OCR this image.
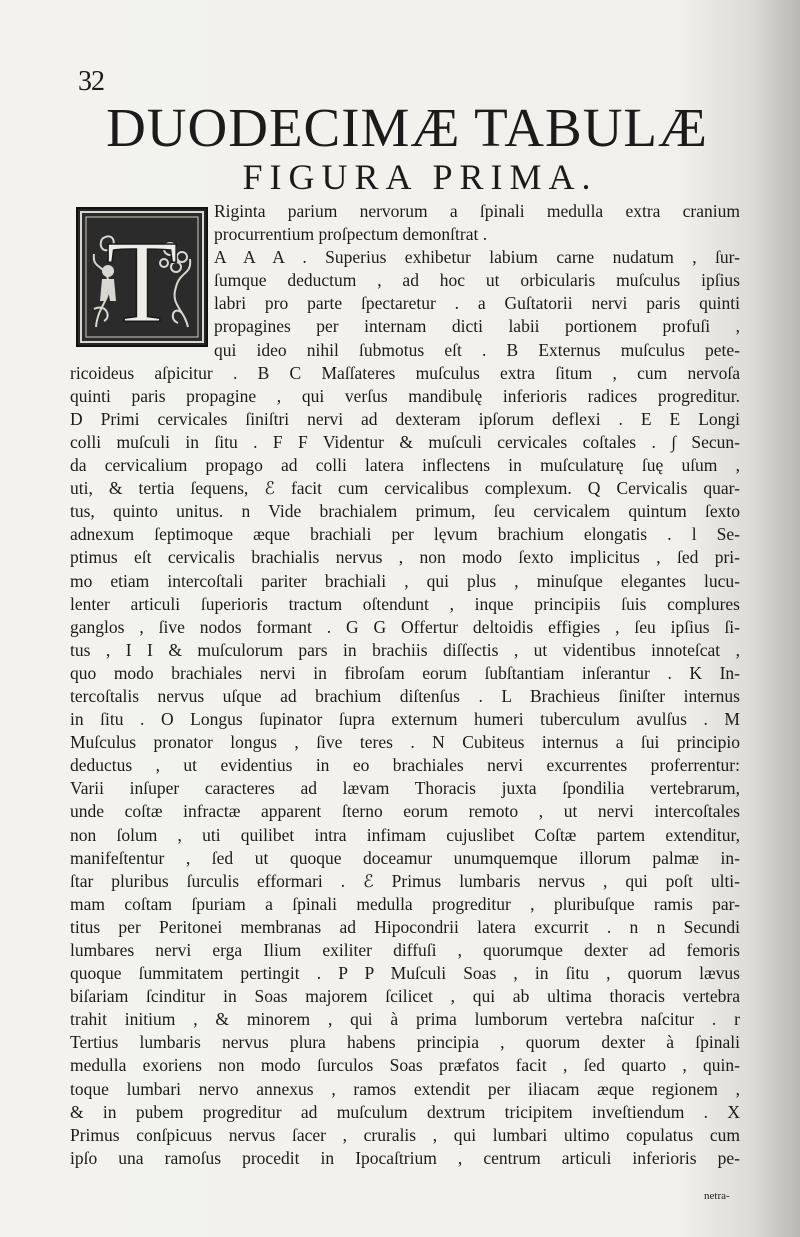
32
DUODECIMÆ TABULÆ
FIGURA PRIMA.
T
Riginta parium nervorum a ſpinali medulla extra cranium
procurrentium proſpectum demonſtrat .
A A A . Superius exhibetur labium carne nudatum , ſur-
ſumque deductum , ad hoc ut orbicularis muſculus ipſius
labri pro parte ſpectaretur . a Guſtatorii nervi paris quinti
propagines per internam dicti labii portionem profuſi ,
qui ideo nihil ſubmotus eſt . B Externus muſculus pete-
ricoideus aſpicitur . B C Maſſateres muſculus extra ſitum , cum nervoſa
quinti paris propagine , qui verſus mandibulę inferioris radices progreditur.
D Primi cervicales ſiniſtri nervi ad dexteram ipſorum deflexi . E E Longi
colli muſculi in ſitu . F F Videntur & muſculi cervicales coſtales . ∫ Secun-
da cervicalium propago ad colli latera inflectens in muſculaturę ſuę uſum ,
uti, & tertia ſequens, ℰ facit cum cervicalibus complexum. Q Cervicalis quar-
tus, quinto unitus. n Vide brachialem primum, ſeu cervicalem quintum ſexto
adnexum ſeptimoque æque brachiali per lęvum brachium elongatis . l Se-
ptimus eſt cervicalis brachialis nervus , non modo ſexto implicitus , ſed pri-
mo etiam intercoſtali pariter brachiali , qui plus , minuſque elegantes lucu-
lenter articuli ſuperioris tractum oſtendunt , inque principiis ſuis complures
ganglos , ſive nodos formant . G G Offertur deltoidis effigies , ſeu ipſius ſi-
tus , I I & muſculorum pars in brachiis diſſectis , ut videntibus innoteſcat ,
quo modo brachiales nervi in fibroſam eorum ſubſtantiam inſerantur . K In-
tercoſtalis nervus uſque ad brachium diſtenſus . L Brachieus ſiniſter internus
in ſitu . O Longus ſupinator ſupra externum humeri tuberculum avulſus . M
Muſculus pronator longus , ſive teres . N Cubiteus internus a ſui principio
deductus , ut evidentius in eo brachiales nervi excurrentes proferrentur:
Varii inſuper caracteres ad lævam Thoracis juxta ſpondilia vertebrarum,
unde coſtæ infractæ apparent ſterno eorum remoto , ut nervi intercoſtales
non ſolum , uti quilibet intra infimam cujuslibet Coſtæ partem extenditur,
manifeſtentur , ſed ut quoque doceamur unumquemque illorum palmæ in-
ſtar pluribus ſurculis efformari . ℰ Primus lumbaris nervus , qui poſt ulti-
mam coſtam ſpuriam a ſpinali medulla progreditur , pluribuſque ramis par-
titus per Peritonei membranas ad Hipocondrii latera excurrit . n n Secundi
lumbares nervi erga Ilium exiliter diffuſi , quorumque dexter ad femoris
quoque ſummitatem pertingit . P P Muſculi Soas , in ſitu , quorum lævus
biſariam ſcinditur in Soas majorem ſcilicet , qui ab ultima thoracis vertebra
trahit initium , & minorem , qui à prima lumborum vertebra naſcitur . r
Tertius lumbaris nervus plura habens principia , quorum dexter à ſpinali
medulla exoriens non modo ſurculos Soas præfatos facit , ſed quarto , quin-
toque lumbari nervo annexus , ramos extendit per iliacam æque regionem ,
& in pubem progreditur ad muſculum dextrum tricipitem inveſtiendum . X
Primus conſpicuus nervus ſacer , cruralis , qui lumbari ultimo copulatus cum
ipſo una ramoſus procedit in Ipocaſtrium , centrum articuli inferioris pe-
netra-
